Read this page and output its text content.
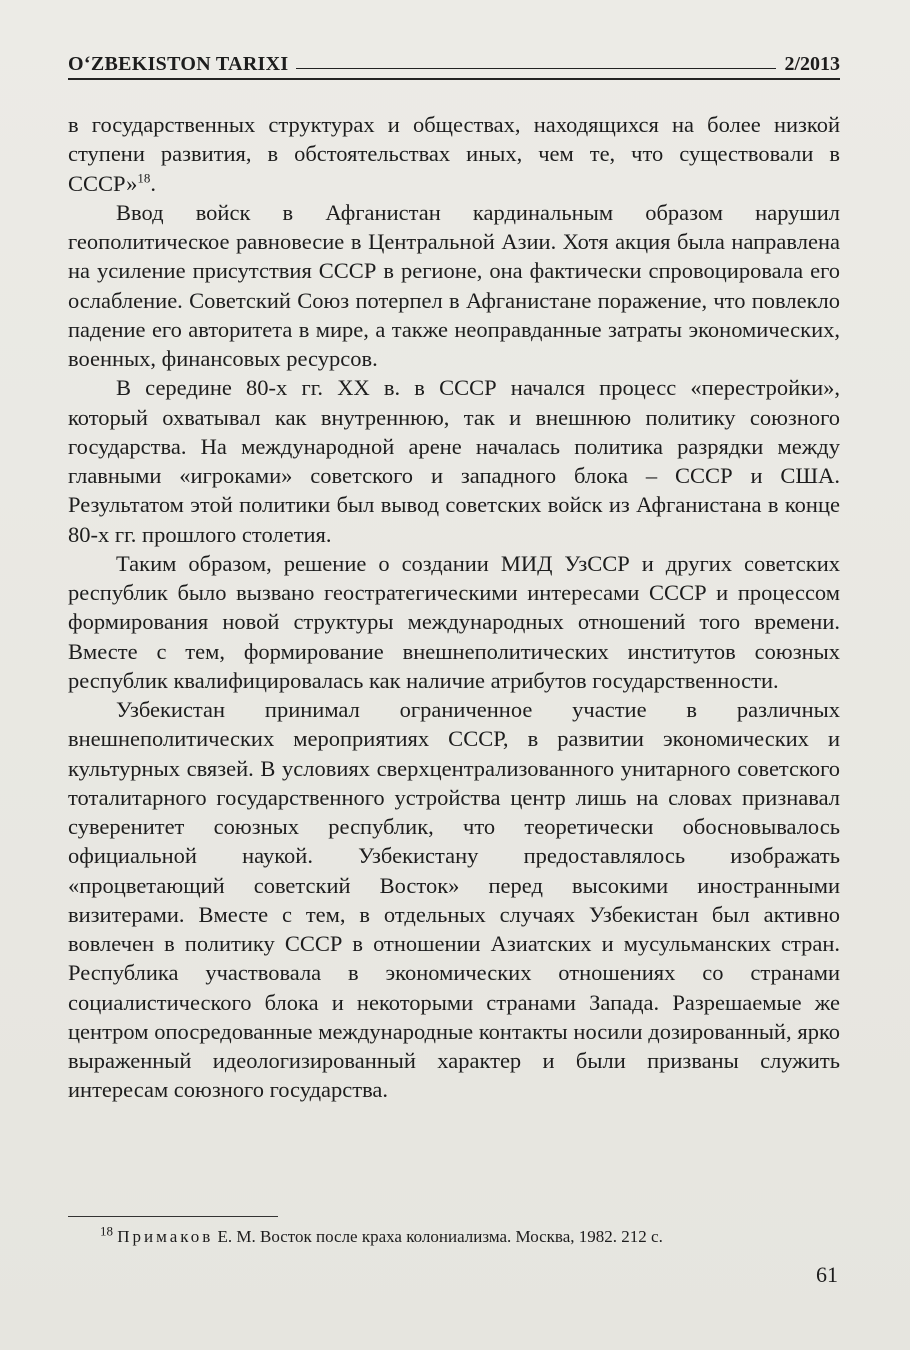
O‘ZBEKISTON TARIXI	2/2013

в государственных структурах и обществах, находящихся на более низкой ступени развития, в обстоятельствах иных, чем те, что существовали в СССР»$^{18}$.

Ввод войск в Афганистан кардинальным образом нарушил геополитическое равновесие в Центральной Азии. Хотя акция была направлена на усиление присутствия СССР в регионе, она фактически спровоцировала его ослабление. Советский Союз потерпел в Афганистане поражение, что повлекло падение его авторитета в мире, а также неоправданные затраты экономических, военных, финансовых ресурсов.

В середине 80-х гг. XX в. в СССР начался процесс «перестройки», который охватывал как внутреннюю, так и внешнюю политику союзного государства. На международной арене началась политика разрядки между главными «игроками» советского и западного блока – СССР и США. Результатом этой политики был вывод советских войск из Афганистана в конце 80-х гг. прошлого столетия.

Таким образом, решение о создании МИД УзССР и других советских республик было вызвано геостратегическими интересами СССР и процессом формирования новой структуры международных отношений того времени. Вместе с тем, формирование внешнеполитических институтов союзных республик квалифицировалась как наличие атрибутов государственности.

Узбекистан принимал ограниченное участие в различных внешнеполитических мероприятиях СССР, в развитии экономических и культурных связей. В условиях сверхцентрализованного унитарного советского тоталитарного государственного устройства центр лишь на словах признавал суверенитет союзных республик, что теоретически обосновывалось официальной наукой. Узбекистану предоставлялось изображать «процветающий советский Восток» перед высокими иностранными визитерами. Вместе с тем, в отдельных случаях Узбекистан был активно вовлечен в политику СССР в отношении Азиатских и мусульманских стран. Республика участвовала в экономических отношениях со странами социалистического блока и некоторыми странами Запада. Разрешаемые же центром опосредованные международные контакты носили дозированный, ярко выраженный идеологизированный характер и были призваны служить интересам союзного государства.

$^{18}$ Примаков Е. М. Восток после краха колониализма. Москва, 1982. 212 с.
61
